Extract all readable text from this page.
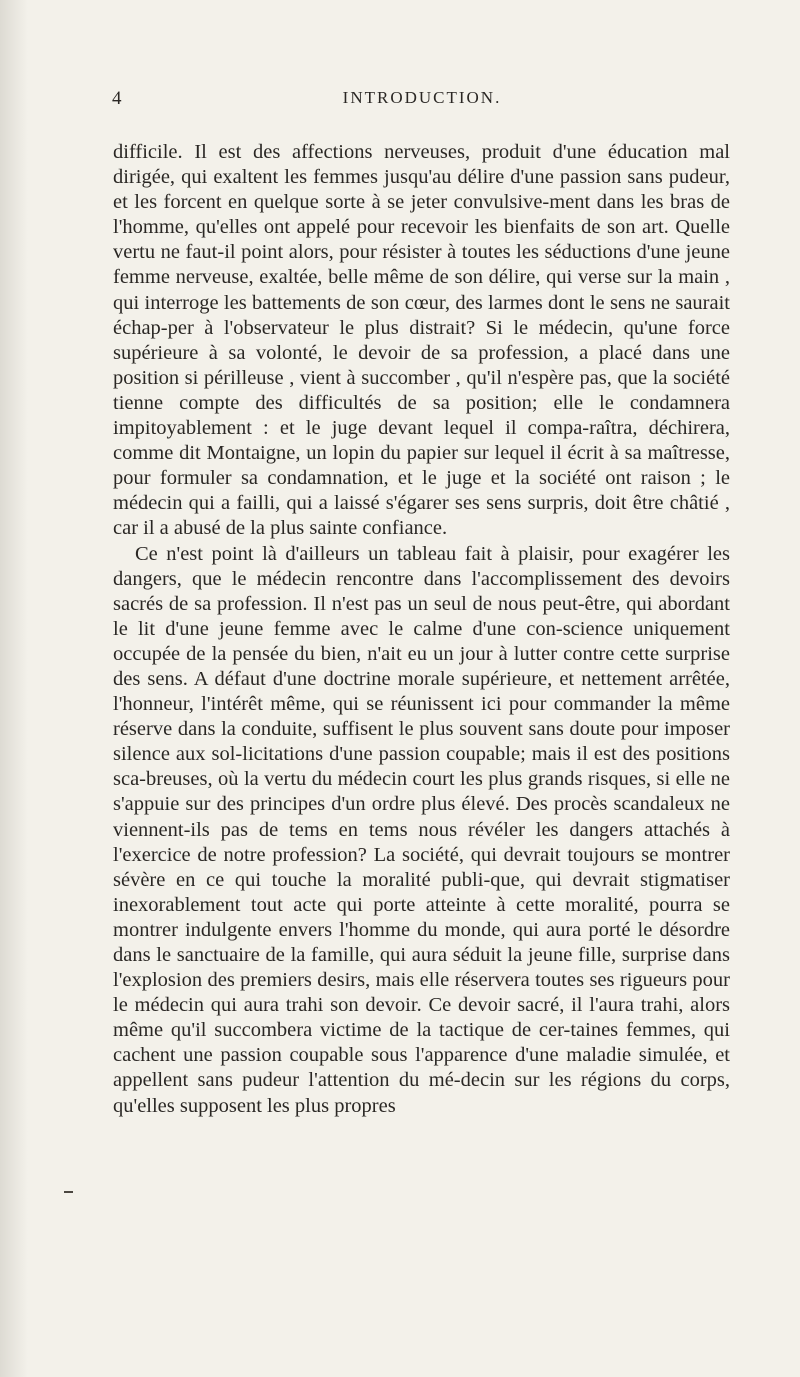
4	INTRODUCTION.

difficile. Il est des affections nerveuses, produit d'une éducation mal dirigée, qui exaltent les femmes jusqu'au délire d'une passion sans pudeur, et les forcent en quelque sorte à se jeter convulsive-ment dans les bras de l'homme, qu'elles ont appelé pour recevoir les bienfaits de son art. Quelle vertu ne faut-il point alors, pour résister à toutes les séductions d'une jeune femme nerveuse, exaltée, belle même de son délire, qui verse sur la main , qui interroge les battements de son cœur, des larmes dont le sens ne saurait échap-per à l'observateur le plus distrait? Si le médecin, qu'une force supérieure à sa volonté, le devoir de sa profession, a placé dans une position si périlleuse , vient à succomber , qu'il n'espère pas, que la société tienne compte des difficultés de sa position; elle le condamnera impitoyablement : et le juge devant lequel il compa-raîtra, déchirera, comme dit Montaigne, un lopin du papier sur lequel il écrit à sa maîtresse, pour formuler sa condamnation, et le juge et la société ont raison ; le médecin qui a failli, qui a laissé s'égarer ses sens surpris, doit être châtié , car il a abusé de la plus sainte confiance.

Ce n'est point là d'ailleurs un tableau fait à plaisir, pour exagérer les dangers, que le médecin rencontre dans l'accomplissement des devoirs sacrés de sa profession. Il n'est pas un seul de nous peut-être, qui abordant le lit d'une jeune femme avec le calme d'une con-science uniquement occupée de la pensée du bien, n'ait eu un jour à lutter contre cette surprise des sens. A défaut d'une doctrine morale supérieure, et nettement arrêtée, l'honneur, l'intérêt même, qui se réunissent ici pour commander la même réserve dans la conduite, suffisent le plus souvent sans doute pour imposer silence aux sol-licitations d'une passion coupable; mais il est des positions sca-breuses, où la vertu du médecin court les plus grands risques, si elle ne s'appuie sur des principes d'un ordre plus élevé. Des procès scandaleux ne viennent-ils pas de tems en tems nous révéler les dangers attachés à l'exercice de notre profession? La société, qui devrait toujours se montrer sévère en ce qui touche la moralité publi-que, qui devrait stigmatiser inexorablement tout acte qui porte atteinte à cette moralité, pourra se montrer indulgente envers l'homme du monde, qui aura porté le désordre dans le sanctuaire de la famille, qui aura séduit la jeune fille, surprise dans l'explosion des premiers desirs, mais elle réservera toutes ses rigueurs pour le médecin qui aura trahi son devoir. Ce devoir sacré, il l'aura trahi, alors même qu'il succombera victime de la tactique de cer-taines femmes, qui cachent une passion coupable sous l'apparence d'une maladie simulée, et appellent sans pudeur l'attention du mé-decin sur les régions du corps, qu'elles supposent les plus propres
